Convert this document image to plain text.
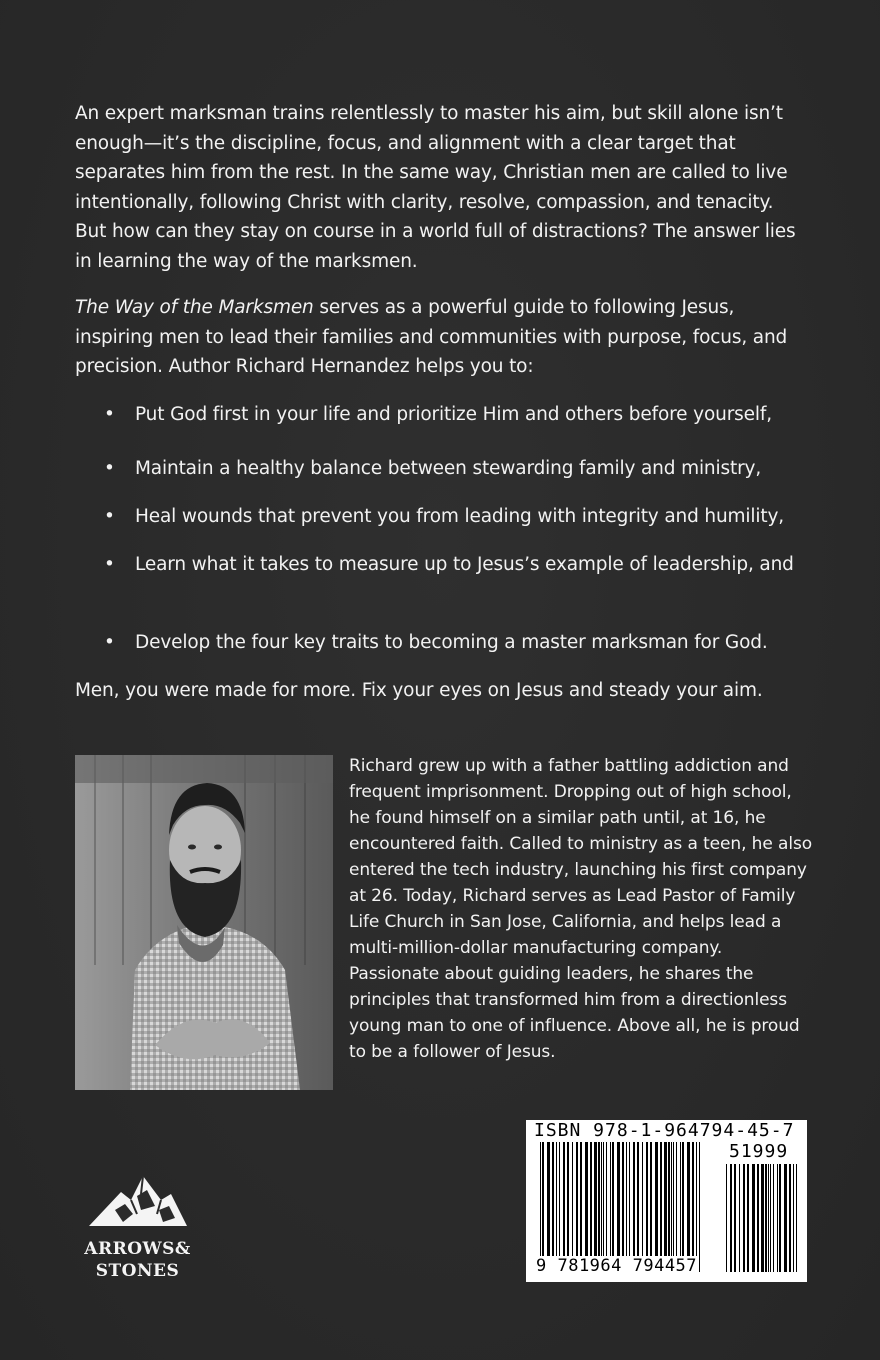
An expert marksman trains relentlessly to master his aim, but skill alone isn’t enough—it’s the discipline, focus, and alignment with a clear target that separates him from the rest. In the same way, Christian men are called to live intentionally, following Christ with clarity, resolve, compassion, and tenacity. But how can they stay on course in a world full of distractions? The answer lies in learning the way of the marksmen.

The Way of the Marksmen serves as a powerful guide to following Jesus, inspiring men to lead their families and communities with purpose, focus, and precision. Author Richard Hernandez helps you to:

• Put God first in your life and prioritize Him and others before yourself,
• Maintain a healthy balance between stewarding family and ministry,
• Heal wounds that prevent you from leading with integrity and humility,
• Learn what it takes to measure up to Jesus’s example of leadership, and
• Develop the four key traits to becoming a master marksman for God.

Men, you were made for more. Fix your eyes on Jesus and steady your aim.

Richard grew up with a father battling addiction and frequent imprisonment. Dropping out of high school, he found himself on a similar path until, at 16, he encountered faith. Called to ministry as a teen, he also entered the tech industry, launching his first company at 26. Today, Richard serves as Lead Pastor of Family Life Church in San Jose, California, and helps lead a multi-million-dollar manufacturing company. Passionate about guiding leaders, he shares the principles that transformed him from a directionless young man to one of influence. Above all, he is proud to be a follower of Jesus.

ISBN 978-1-964794-45-7
51999
9 781964 794457
ARROWS&
STONES
